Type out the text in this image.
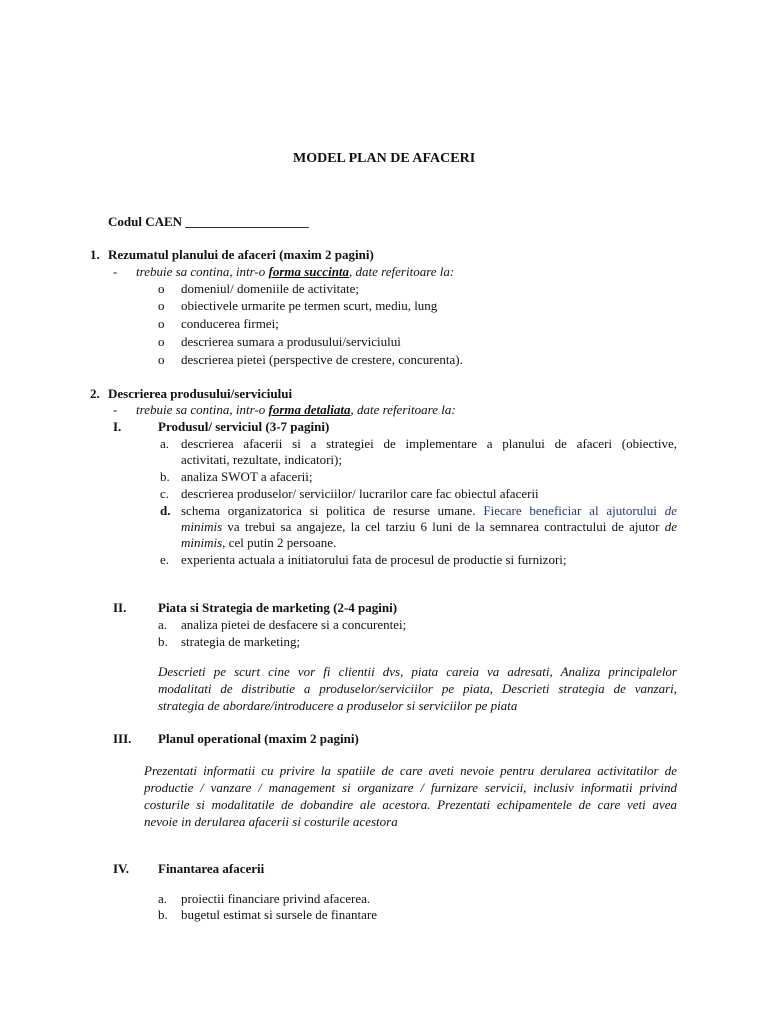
MODEL PLAN DE AFACERI
Codul CAEN ___________________
1. Rezumatul planului de afaceri (maxim 2 pagini)
- trebuie sa contina, intr-o forma succinta, date referitoare la:
o domeniul/ domeniile de activitate;
o obiectivele urmarite pe termen scurt, mediu, lung
o conducerea firmei;
o descrierea sumara a produsului/serviciului
o descrierea pietei (perspective de crestere, concurenta).
2. Descrierea produsului/serviciului
- trebuie sa contina, intr-o forma detaliata, date referitoare la:
I.	Produsul/ serviciul (3-7 pagini)
a. descrierea afacerii si a strategiei de implementare a planului de afaceri (obiective,
activitati, rezultate, indicatori);
b. analiza SWOT a afacerii;
c. descrierea produselor/ serviciilor/ lucrarilor care fac obiectul afacerii
d. schema organizatorica si politica de resurse umane. Fiecare beneficiar al ajutorului de
minimis va trebui sa angajeze, la cel tarziu 6 luni de la semnarea contractului de ajutor de
minimis, cel putin 2 persoane.
e. experienta actuala a initiatorului fata de procesul de productie si furnizori;
II. Piata si Strategia de marketing (2-4 pagini)
a. analiza pietei de desfacere si a concurentei;
b. strategia de marketing;
Descrieti pe scurt cine vor fi clientii dvs, piata careia va adresati, Analiza principalelor
modalitati de distributie a produselor/serviciilor pe piata, Descrieti strategia de vanzari,
strategia de abordare/introducere a produselor si serviciilor pe piata
III. Planul operational (maxim 2 pagini)
Prezentati informatii cu privire la spatiile de care aveti nevoie pentru derularea activitatilor de
productie / vanzare / management si organizare / furnizare servicii, inclusiv informatii privind
costurile si modalitatile de dobandire ale acestora. Prezentati echipamentele de care veti avea
nevoie in derularea afacerii si costurile acestora
IV. Finantarea afacerii
a. proiectii financiare privind afacerea.
b. bugetul estimat si sursele de finantare
